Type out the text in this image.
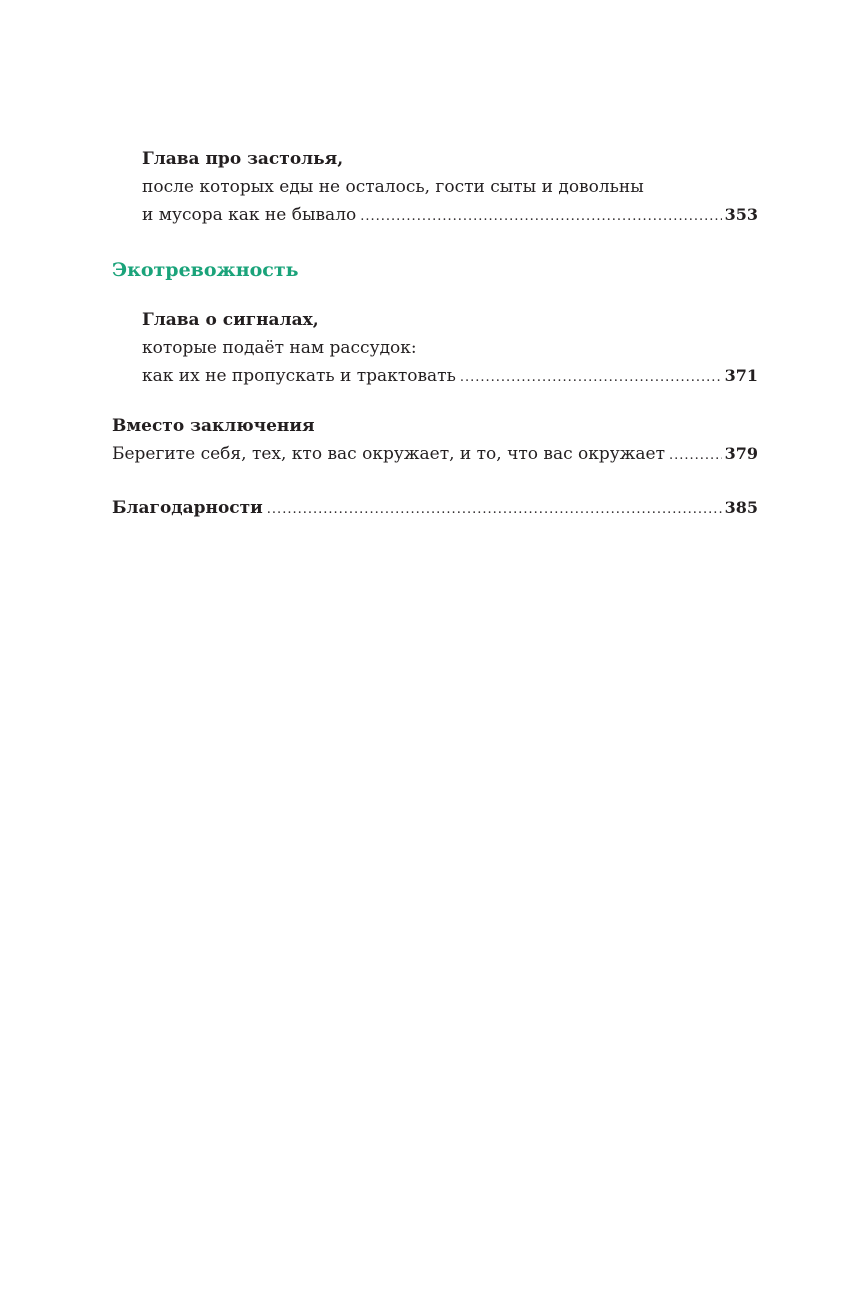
Глава про застолья,
после которых еды не осталось, гости сыты и довольны
и мусора как не бывало .....	353
Экотревожность
Глава о сигналах,
которые подаёт нам рассудок:
как их не пропускать и трактовать .....	371
Вместо заключения
Берегите себя, тех, кто вас окружает, и то, что вас окружает .....	379
Благодарности .....	385
